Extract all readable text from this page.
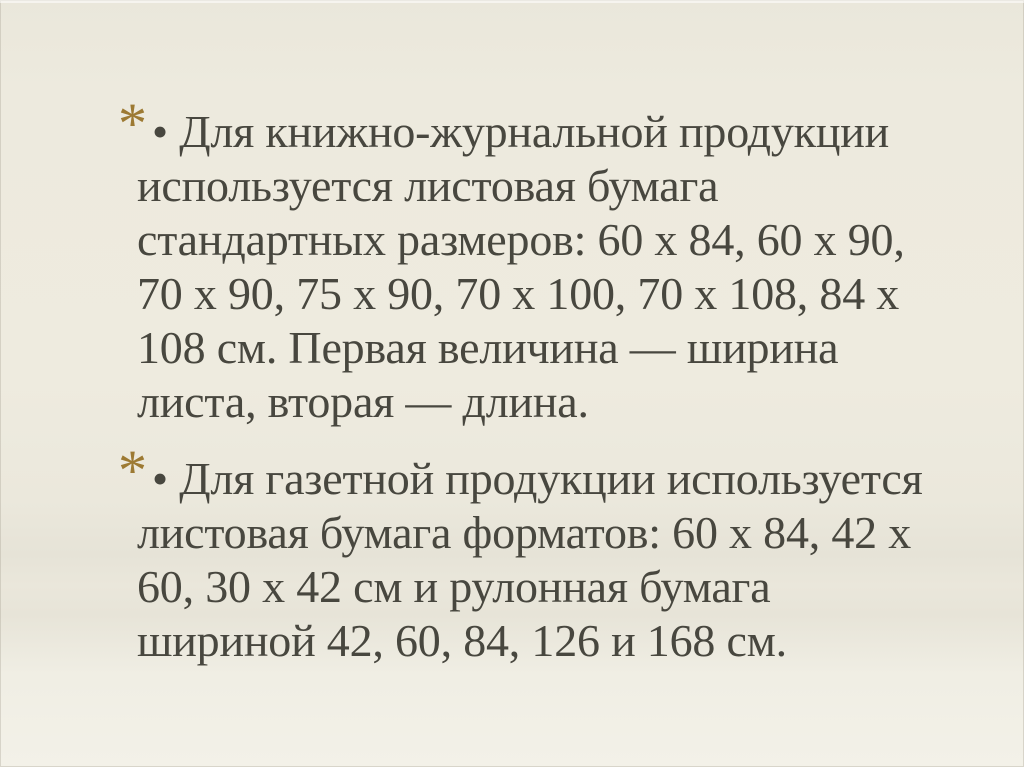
* • Для книжно-журнальной продукции
используется листовая бумага
стандартных размеров: 60 х 84, 60 х 90,
70 х 90, 75 х 90, 70 х 100, 70 х 108, 84 х
108 см. Первая величина — ширина
листа, вторая — длина.
* • Для газетной продукции используется
листовая бумага форматов: 60 х 84, 42 х
60, 30 х 42 см и рулонная бумага
шириной 42, 60, 84, 126 и 168 см.
